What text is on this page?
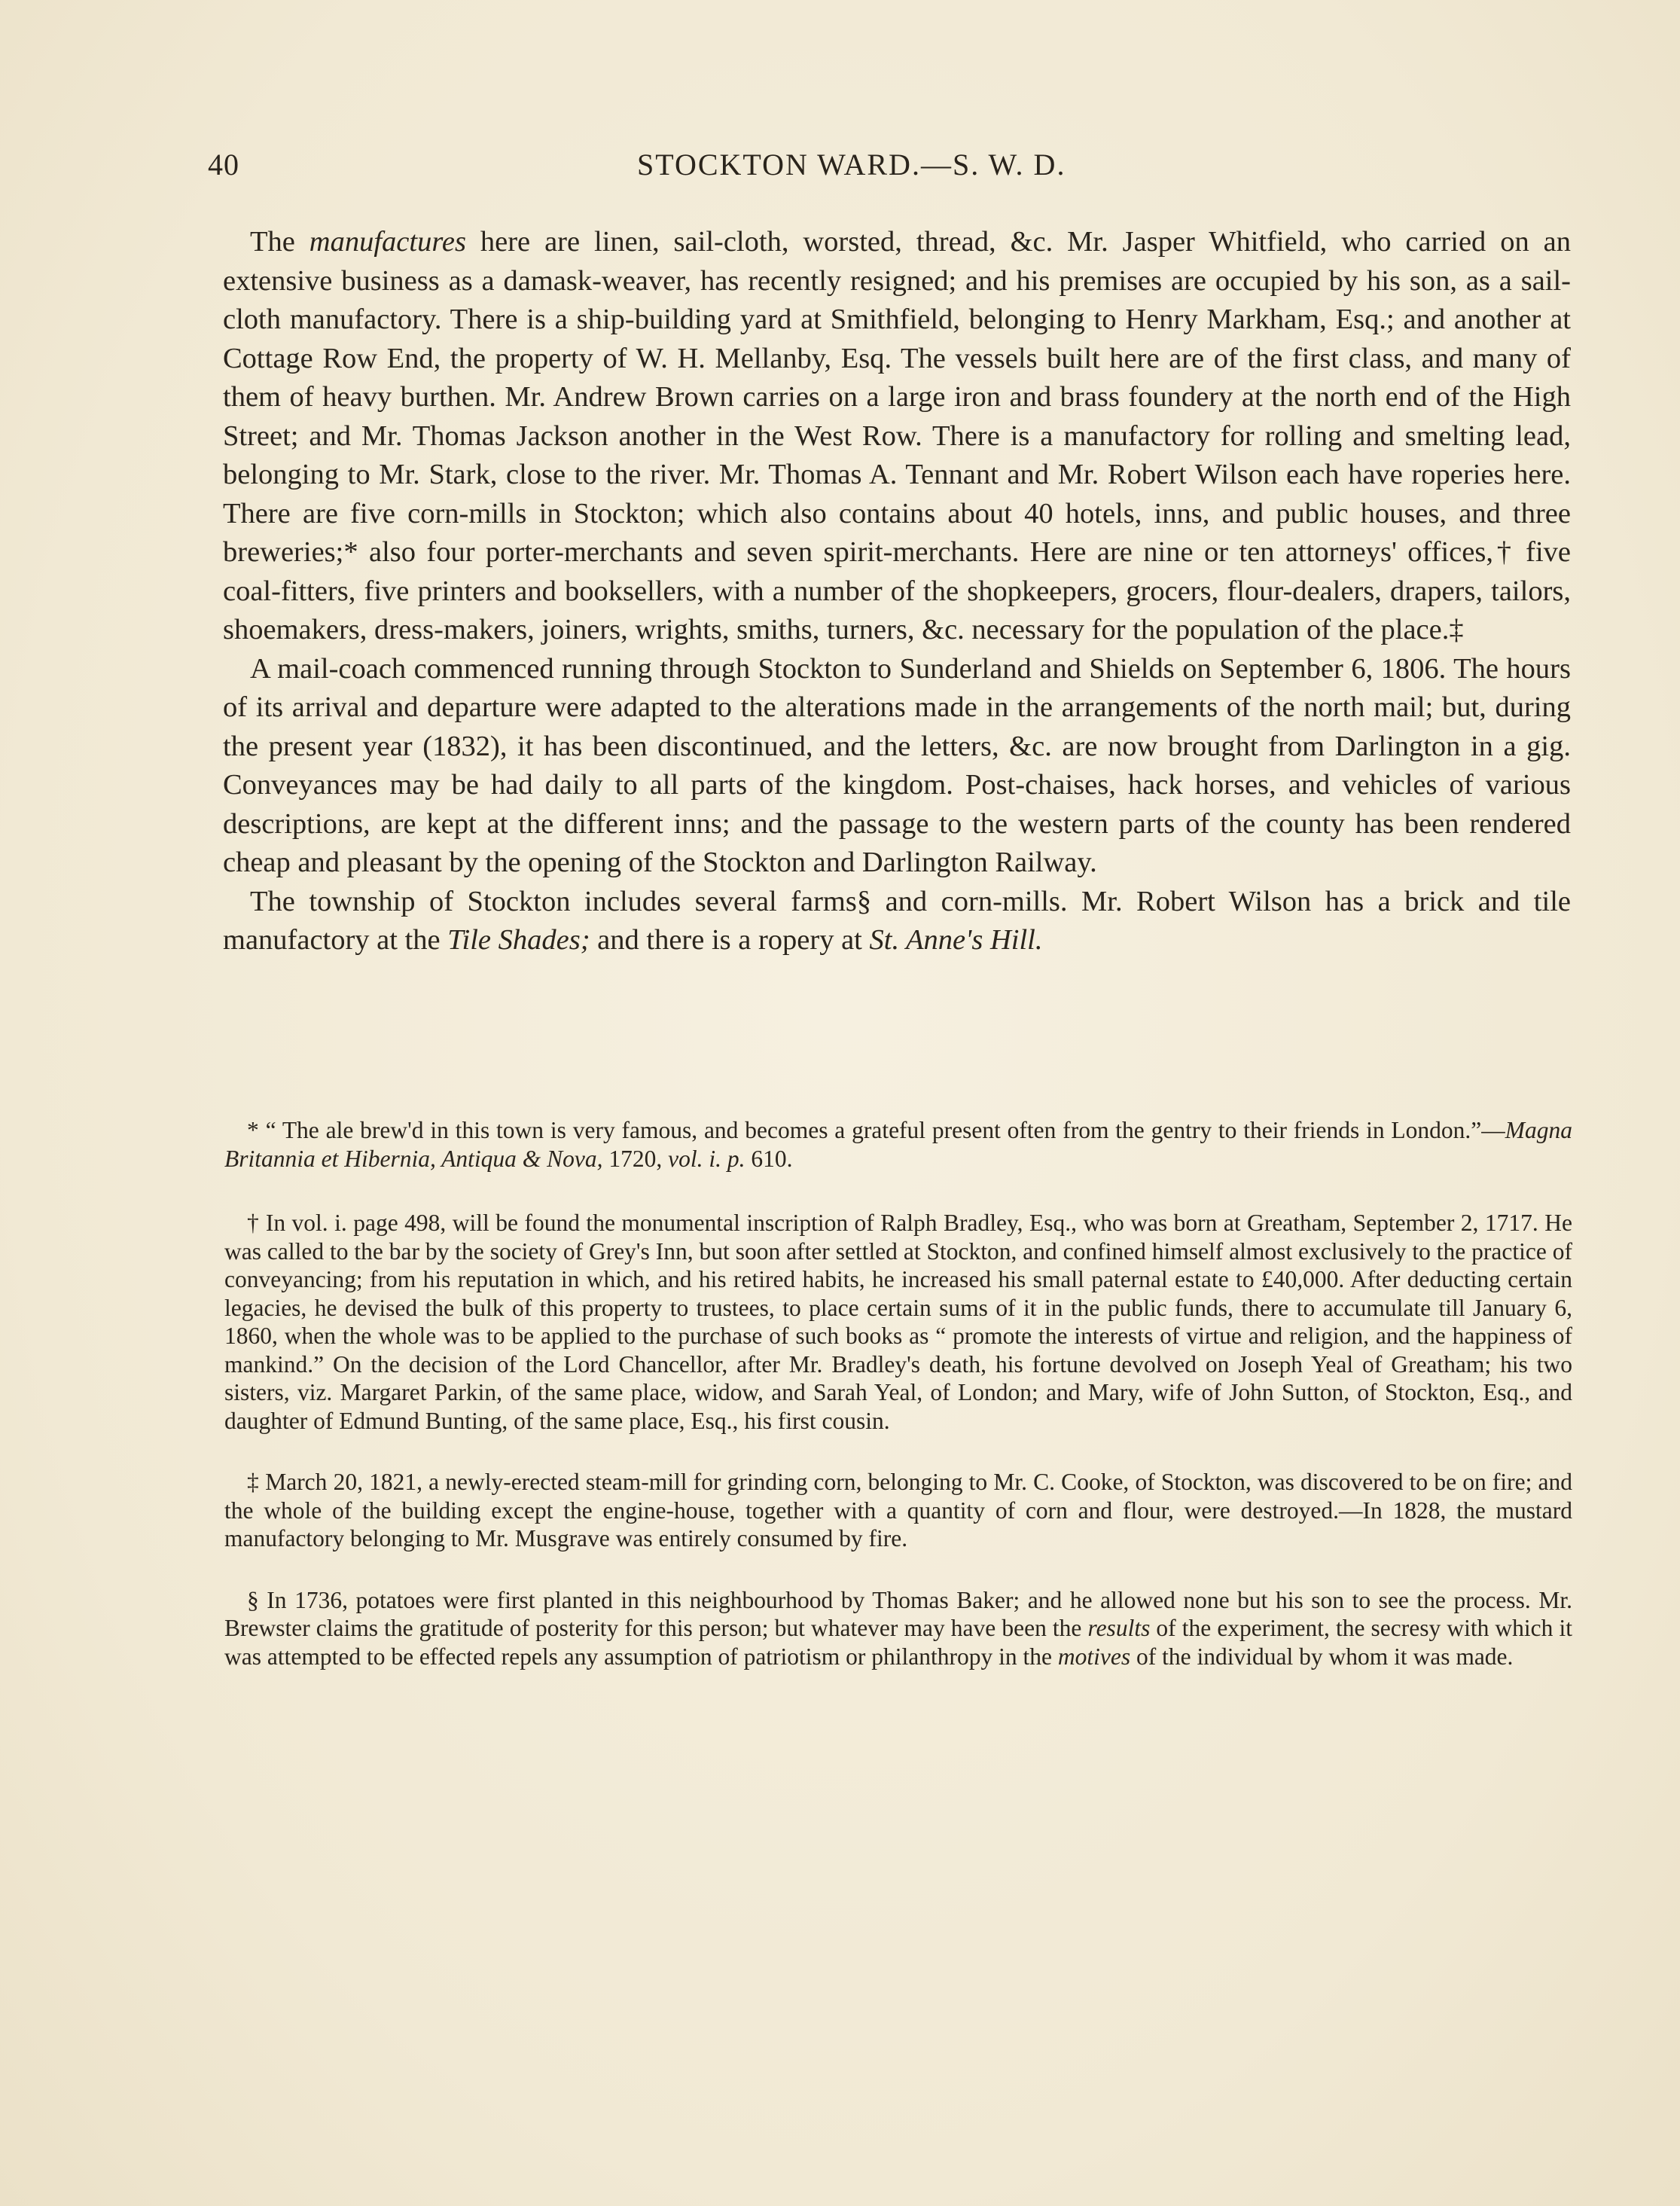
40	STOCKTON WARD.—S. W. D.

The manufactures here are linen, sail-cloth, worsted, thread, &c. Mr. Jasper Whitfield, who carried on an extensive business as a damask-weaver, has recently resigned; and his premises are occupied by his son, as a sail-cloth manufactory. There is a ship-building yard at Smithfield, belonging to Henry Markham, Esq.; and another at Cottage Row End, the property of W. H. Mellanby, Esq. The vessels built here are of the first class, and many of them of heavy burthen. Mr. Andrew Brown carries on a large iron and brass foundery at the north end of the High Street; and Mr. Thomas Jackson another in the West Row. There is a manufactory for rolling and smelting lead, belonging to Mr. Stark, close to the river. Mr. Thomas A. Tennant and Mr. Robert Wilson each have roperies here. There are five corn-mills in Stockton; which also contains about 40 hotels, inns, and public houses, and three breweries;* also four porter-merchants and seven spirit-merchants. Here are nine or ten attorneys' offices,† five coal-fitters, five printers and booksellers, with a number of the shopkeepers, grocers, flour-dealers, drapers, tailors, shoemakers, dress-makers, joiners, wrights, smiths, turners, &c. necessary for the population of the place.‡

A mail-coach commenced running through Stockton to Sunderland and Shields on September 6, 1806. The hours of its arrival and departure were adapted to the alterations made in the arrangements of the north mail; but, during the present year (1832), it has been discontinued, and the letters, &c. are now brought from Darlington in a gig. Conveyances may be had daily to all parts of the kingdom. Post-chaises, hack horses, and vehicles of various descriptions, are kept at the different inns; and the passage to the western parts of the county has been rendered cheap and pleasant by the opening of the Stockton and Darlington Railway.

The township of Stockton includes several farms§ and corn-mills. Mr. Robert Wilson has a brick and tile manufactory at the Tile Shades; and there is a ropery at St. Anne's Hill.

* “ The ale brew'd in this town is very famous, and becomes a grateful present often from the gentry to their friends in London.”—Magna Britannia et Hibernia, Antiqua & Nova, 1720, vol. i. p. 610.

† In vol. i. page 498, will be found the monumental inscription of Ralph Bradley, Esq., who was born at Greatham, September 2, 1717. He was called to the bar by the society of Grey's Inn, but soon after settled at Stockton, and confined himself almost exclusively to the practice of conveyancing; from his reputation in which, and his retired habits, he increased his small paternal estate to £40,000. After deducting certain legacies, he devised the bulk of this property to trustees, to place certain sums of it in the public funds, there to accumulate till January 6, 1860, when the whole was to be applied to the purchase of such books as “ promote the interests of virtue and religion, and the happiness of mankind.” On the decision of the Lord Chancellor, after Mr. Bradley's death, his fortune devolved on Joseph Yeal of Greatham; his two sisters, viz. Margaret Parkin, of the same place, widow, and Sarah Yeal, of London; and Mary, wife of John Sutton, of Stockton, Esq., and daughter of Edmund Bunting, of the same place, Esq., his first cousin.

‡ March 20, 1821, a newly-erected steam-mill for grinding corn, belonging to Mr. C. Cooke, of Stockton, was discovered to be on fire; and the whole of the building except the engine-house, together with a quantity of corn and flour, were destroyed.—In 1828, the mustard manufactory belonging to Mr. Musgrave was entirely consumed by fire.

§ In 1736, potatoes were first planted in this neighbourhood by Thomas Baker; and he allowed none but his son to see the process. Mr. Brewster claims the gratitude of posterity for this person; but whatever may have been the results of the experiment, the secresy with which it was attempted to be effected repels any assumption of patriotism or philanthropy in the motives of the individual by whom it was made.
